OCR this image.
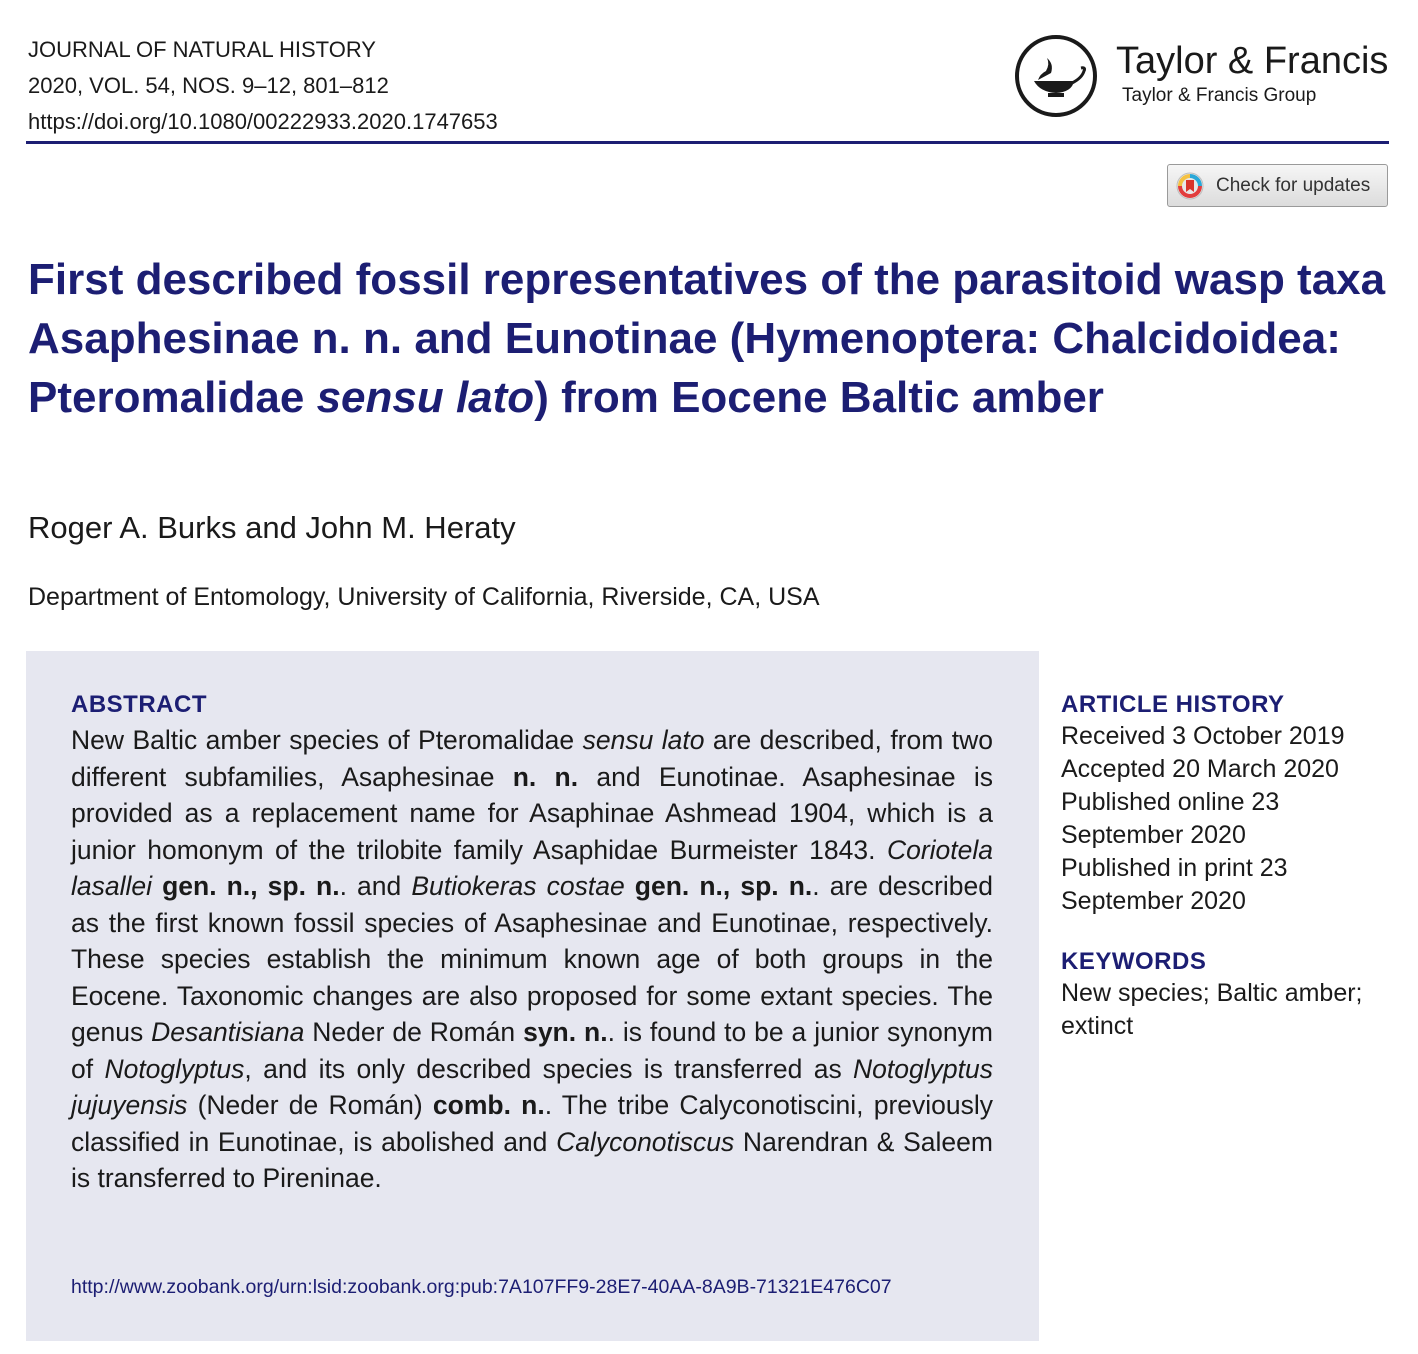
JOURNAL OF NATURAL HISTORY
2020, VOL. 54, NOS. 9–12, 801–812
https://doi.org/10.1080/00222933.2020.1747653
Taylor & Francis
Taylor & Francis Group
Check for updates
First described fossil representatives of the parasitoid wasp taxa Asaphesinae n. n. and Eunotinae (Hymenoptera: Chalcidoidea: Pteromalidae sensu lato) from Eocene Baltic amber
Roger A. Burks and John M. Heraty
Department of Entomology, University of California, Riverside, CA, USA
ABSTRACT
New Baltic amber species of Pteromalidae sensu lato are described, from two different subfamilies, Asaphesinae n. n. and Eunotinae. Asaphesinae is provided as a replacement name for Asaphinae Ashmead 1904, which is a junior homonym of the trilobite family Asaphidae Burmeister 1843. Coriotela lasallei gen. n., sp. n.. and Butiokeras costae gen. n., sp. n.. are described as the first known fossil species of Asaphesinae and Eunotinae, respectively. These species establish the minimum known age of both groups in the Eocene. Taxonomic changes are also proposed for some extant species. The genus Desantisiana Neder de Román syn. n.. is found to be a junior synonym of Notoglyptus, and its only described species is transferred as Notoglyptus jujuyensis (Neder de Román) comb. n.. The tribe Calyconotiscini, previously classified in Eunotinae, is abolished and Calyconotiscus Narendran & Saleem is transferred to Pireninae.
http://www.zoobank.org/urn:lsid:zoobank.org:pub:7A107FF9-28E7-40AA-8A9B-71321E476C07
ARTICLE HISTORY
Received 3 October 2019
Accepted 20 March 2020
Published online 23
September 2020
Published in print 23
September 2020
KEYWORDS
New species; Baltic amber;
extinct
